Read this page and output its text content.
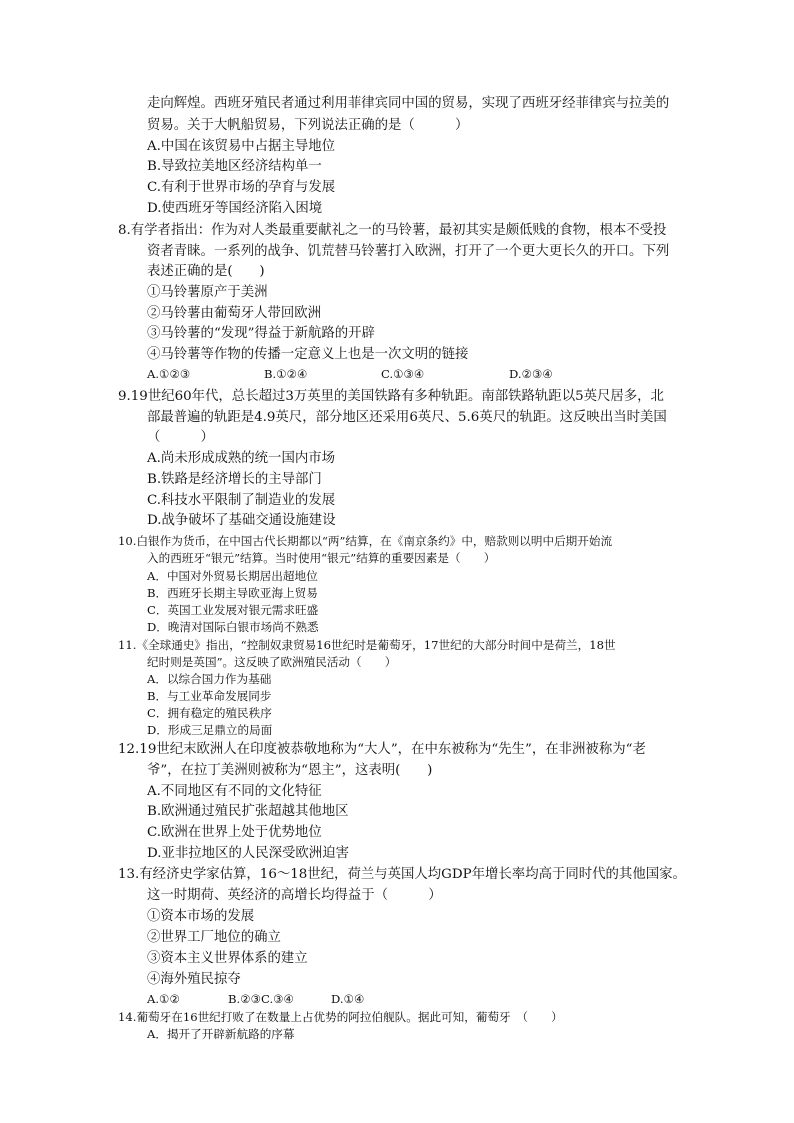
走向辉煌。西班牙殖民者通过利用菲律宾同中国的贸易，实现了西班牙经菲律宾与拉美的
贸易。关于大帆船贸易，下列说法正确的是（　　　）
A.中国在该贸易中占据主导地位
B.导致拉美地区经济结构单一
C.有利于世界市场的孕育与发展
D.使西班牙等国经济陷入困境
8.有学者指出：作为对人类最重要献礼之一的马铃薯，最初其实是颇低贱的食物，根本不受投
资者青睐。一系列的战争、饥荒替马铃薯打入欧洲，打开了一个更大更长久的开口。下列
表述正确的是(　　)
①马铃薯原产于美洲
②马铃薯由葡萄牙人带回欧洲
③马铃薯的“发现”得益于新航路的开辟
④马铃薯等作物的传播一定意义上也是一次文明的链接
A.①②③	B.①②④	C.①③④	D.②③④
9.19世纪60年代，总长超过3万英里的美国铁路有多种轨距。南部铁路轨距以5英尺居多，北
部最普遍的轨距是4.9英尺，部分地区还采用6英尺、5.6英尺的轨距。这反映出当时美国
（　　　）
A.尚未形成成熟的统一国内市场
B.铁路是经济增长的主导部门
C.科技水平限制了制造业的发展
D.战争破坏了基础交通设施建设
10.白银作为货币，在中国古代长期都以“两”结算，在《南京条约》中，赔款则以明中后期开始流
入的西班牙“银元”结算。当时使用“银元”结算的重要因素是（　　）
A．中国对外贸易长期居出超地位
B．西班牙长期主导欧亚海上贸易
C．英国工业发展对银元需求旺盛
D．晚清对国际白银市场尚不熟悉
11.《全球通史》指出，“控制奴隶贸易16世纪时是葡萄牙，17世纪的大部分时间中是荷兰，18世
纪时则是英国”。这反映了欧洲殖民活动（　　）
A．以综合国力作为基础
B．与工业革命发展同步
C．拥有稳定的殖民秩序
D．形成三足鼎立的局面
12.19世纪末欧洲人在印度被恭敬地称为“大人”，在中东被称为“先生”，在非洲被称为“老
爷”，在拉丁美洲则被称为“恩主”，这表明(　　)
A.不同地区有不同的文化特征
B.欧洲通过殖民扩张超越其他地区
C.欧洲在世界上处于优势地位
D.亚非拉地区的人民深受欧洲迫害
13.有经济史学家估算，16～18世纪，荷兰与英国人均GDP年增长率均高于同时代的其他国家。
这一时期荷、英经济的高增长均得益于（　　　）
①资本市场的发展
②世界工厂地位的确立
③资本主义世界体系的建立
④海外殖民掠夺
A.①②	B.②③C.③④	D.①④
14.葡萄牙在16世纪打败了在数量上占优势的阿拉伯舰队。据此可知，葡萄牙　（　　）
A．揭开了开辟新航路的序幕
